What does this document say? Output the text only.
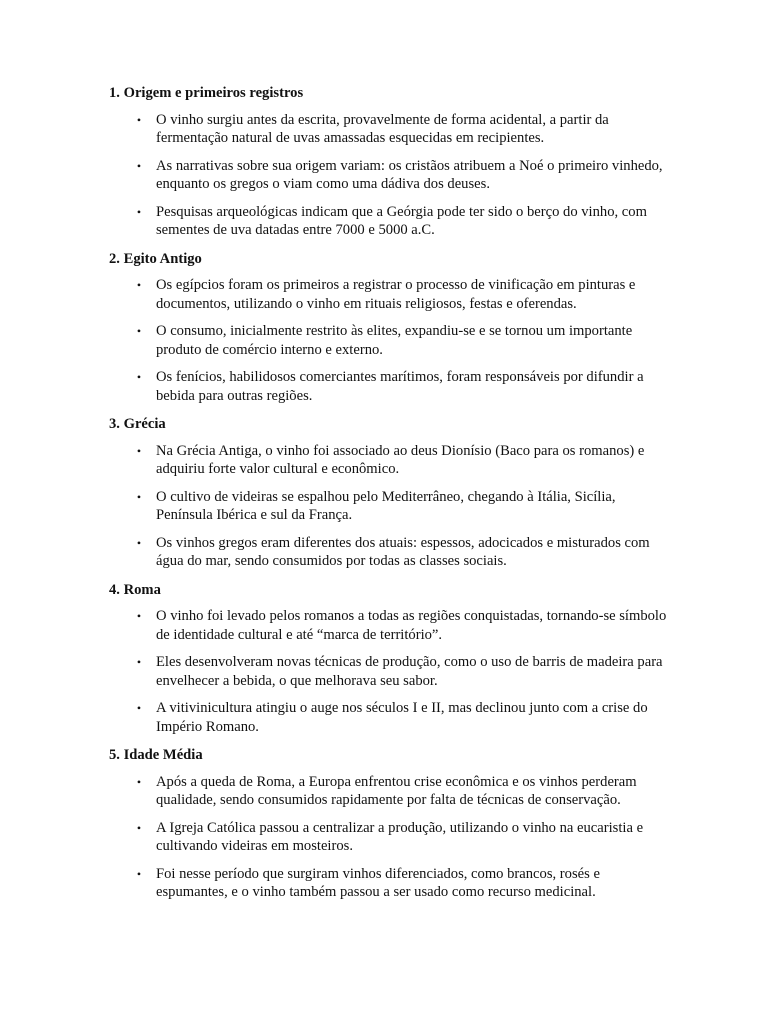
1. Origem e primeiros registros
• O vinho surgiu antes da escrita, provavelmente de forma acidental, a partir da fermentação natural de uvas amassadas esquecidas em recipientes.
• As narrativas sobre sua origem variam: os cristãos atribuem a Noé o primeiro vinhedo, enquanto os gregos o viam como uma dádiva dos deuses.
• Pesquisas arqueológicas indicam que a Geórgia pode ter sido o berço do vinho, com sementes de uva datadas entre 7000 e 5000 a.C.
2. Egito Antigo
• Os egípcios foram os primeiros a registrar o processo de vinificação em pinturas e documentos, utilizando o vinho em rituais religiosos, festas e oferendas.
• O consumo, inicialmente restrito às elites, expandiu-se e se tornou um importante produto de comércio interno e externo.
• Os fenícios, habilidosos comerciantes marítimos, foram responsáveis por difundir a bebida para outras regiões.
3. Grécia
• Na Grécia Antiga, o vinho foi associado ao deus Dionísio (Baco para os romanos) e adquiriu forte valor cultural e econômico.
• O cultivo de videiras se espalhou pelo Mediterrâneo, chegando à Itália, Sicília, Península Ibérica e sul da França.
• Os vinhos gregos eram diferentes dos atuais: espessos, adocicados e misturados com água do mar, sendo consumidos por todas as classes sociais.
4. Roma
• O vinho foi levado pelos romanos a todas as regiões conquistadas, tornando-se símbolo de identidade cultural e até “marca de território”.
• Eles desenvolveram novas técnicas de produção, como o uso de barris de madeira para envelhecer a bebida, o que melhorava seu sabor.
• A vitivinicultura atingiu o auge nos séculos I e II, mas declinou junto com a crise do Império Romano.
5. Idade Média
• Após a queda de Roma, a Europa enfrentou crise econômica e os vinhos perderam qualidade, sendo consumidos rapidamente por falta de técnicas de conservação.
• A Igreja Católica passou a centralizar a produção, utilizando o vinho na eucaristia e cultivando videiras em mosteiros.
• Foi nesse período que surgiram vinhos diferenciados, como brancos, rosés e espumantes, e o vinho também passou a ser usado como recurso medicinal.
